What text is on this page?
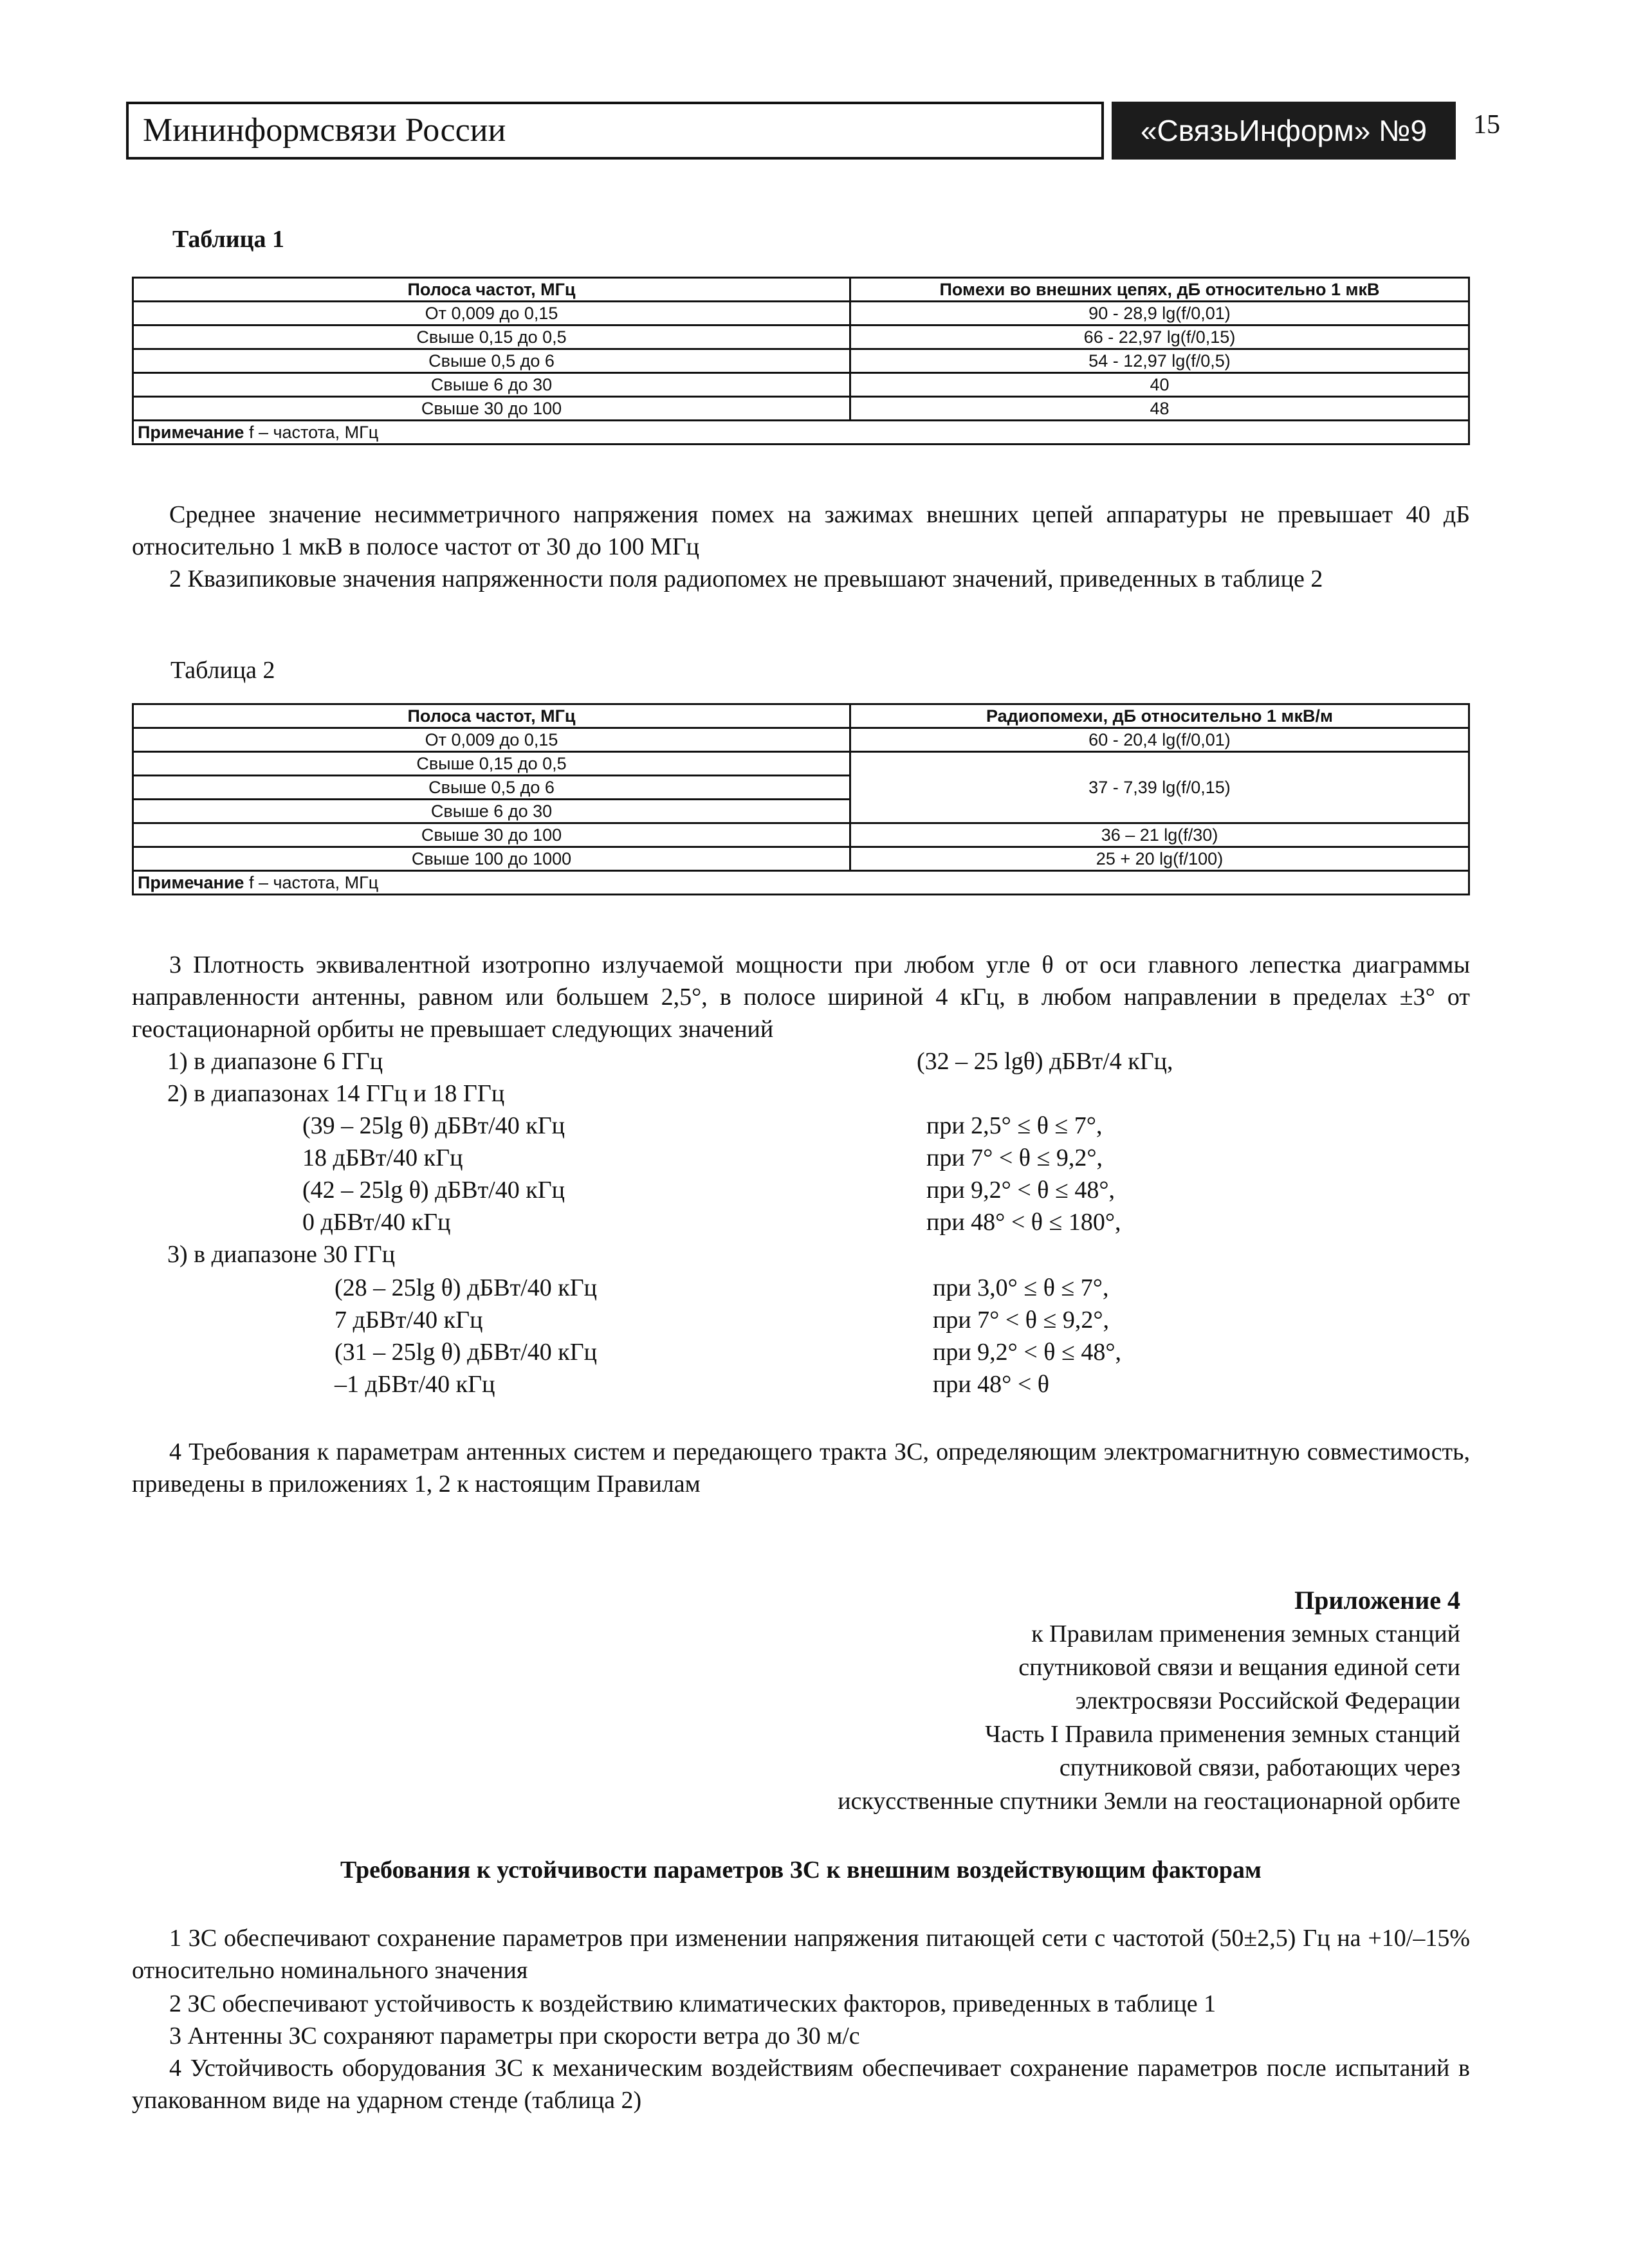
Мининформсвязи России	«СвязьИнформ» №9	15
Таблица 1
Полоса частот, МГц	Помехи во внешних цепях, дБ относительно 1 мкВ
От 0,009 до 0,15	90 - 28,9 lg(f/0,01)
Свыше 0,15 до 0,5	66 - 22,97 lg(f/0,15)
Свыше 0,5 до 6	54 - 12,97 lg(f/0,5)
Свыше 6 до 30	40
Свыше 30 до 100	48
Примечание f – частота, МГц	
Среднее значение несимметричного напряжения помех на зажимах внешних цепей аппаратуры не превышает 40 дБ относительно 1 мкВ в полосе частот от 30 до 100 МГц
2 Квазипиковые значения напряженности поля радиопомех не превышают значений, приведенных в таблице 2
Таблица 2
Полоса частот, МГц	Радиопомехи, дБ относительно 1 мкВ/м
От 0,009 до 0,15	60 - 20,4 lg(f/0,01)
Свыше 0,15 до 0,5	37 - 7,39 lg(f/0,15)
Свыше 0,5 до 6	
Свыше 6 до 30	
Свыше 30 до 100	36 – 21 lg(f/30)
Свыше 100 до 1000	25 + 20 lg(f/100)
Примечание f – частота, МГц	
3 Плотность эквивалентной изотропно излучаемой мощности при любом угле θ от оси главного лепестка диаграммы направленности антенны, равном или большем 2,5°, в полосе шириной 4 кГц, в любом направлении в пределах ±3° от геостационарной орбиты не превышает следующих значений
1) в диапазоне 6 ГГц	(32 – 25 lgθ) дБВт/4 кГц,
2) в диапазонах 14 ГГц и 18 ГГц
(39 – 25lg θ) дБВт/40 кГц	при 2,5° ≤ θ ≤ 7°,
18 дБВт/40 кГц	при 7° < θ ≤ 9,2°,
(42 – 25lg θ) дБВт/40 кГц	при 9,2° < θ ≤ 48°,
0 дБВт/40 кГц	при 48° < θ ≤ 180°,
3) в диапазоне 30 ГГц
(28 – 25lg θ) дБВт/40 кГц	при 3,0° ≤ θ ≤ 7°,
7 дБВт/40 кГц	при 7° < θ ≤ 9,2°,
(31 – 25lg θ) дБВт/40 кГц	при 9,2° < θ ≤ 48°,
–1 дБВт/40 кГц	при 48° < θ
4 Требования к параметрам антенных систем и передающего тракта ЗС, определяющим электромагнитную совместимость, приведены в приложениях 1, 2 к настоящим Правилам
Приложение 4
к Правилам применения земных станций
спутниковой связи и вещания единой сети
электросвязи Российской Федерации
Часть I Правила применения земных станций
спутниковой связи, работающих через
искусственные спутники Земли на геостационарной орбите
Требования к устойчивости параметров ЗС к внешним воздействующим факторам
1 ЗС обеспечивают сохранение параметров при изменении напряжения питающей сети с частотой (50±2,5) Гц на +10/–15% относительно номинального значения
2 ЗС обеспечивают устойчивость к воздействию климатических факторов, приведенных в таблице 1
3 Антенны ЗС сохраняют параметры при скорости ветра до 30 м/с
4 Устойчивость оборудования ЗС к механическим воздействиям обеспечивает сохранение параметров после испытаний в упакованном виде на ударном стенде (таблица 2)
